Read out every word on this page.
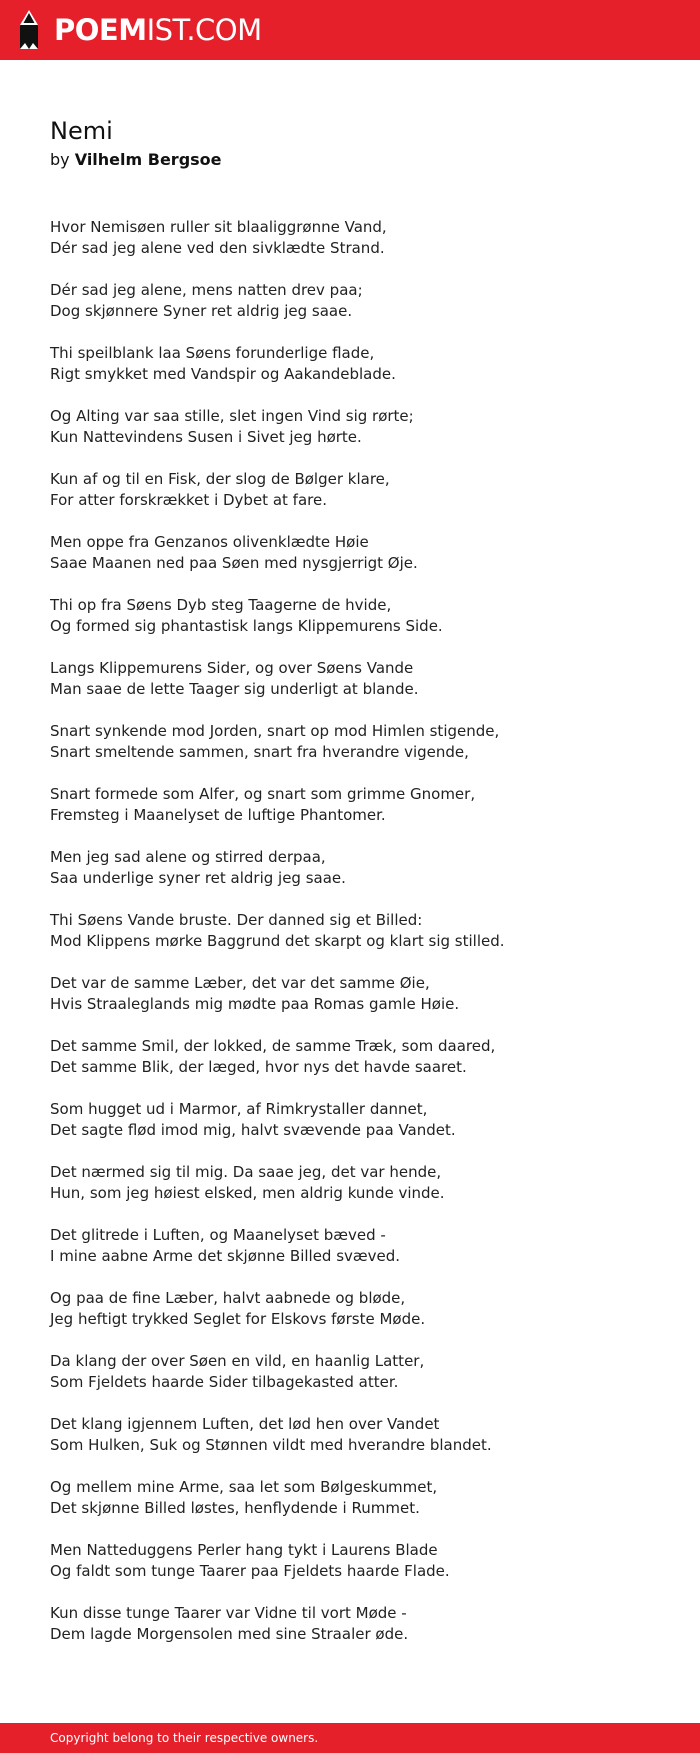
POEMIST.COM
Nemi
by Vilhelm Bergsoe
Hvor Nemisøen ruller sit blaaliggrønne Vand,
Dér sad jeg alene ved den sivklædte Strand.
Dér sad jeg alene, mens natten drev paa;
Dog skjønnere Syner ret aldrig jeg saae.
Thi speilblank laa Søens forunderlige flade,
Rigt smykket med Vandspir og Aakandeblade.
Og Alting var saa stille, slet ingen Vind sig rørte;
Kun Nattevindens Susen i Sivet jeg hørte.
Kun af og til en Fisk, der slog de Bølger klare,
For atter forskrækket i Dybet at fare.
Men oppe fra Genzanos olivenklædte Høie
Saae Maanen ned paa Søen med nysgjerrigt Øje.
Thi op fra Søens Dyb steg Taagerne de hvide,
Og formed sig phantastisk langs Klippemurens Side.
Langs Klippemurens Sider, og over Søens Vande
Man saae de lette Taager sig underligt at blande.
Snart synkende mod Jorden, snart op mod Himlen stigende,
Snart smeltende sammen, snart fra hverandre vigende,
Snart formede som Alfer, og snart som grimme Gnomer,
Fremsteg i Maanelyset de luftige Phantomer.
Men jeg sad alene og stirred derpaa,
Saa underlige syner ret aldrig jeg saae.
Thi Søens Vande bruste. Der danned sig et Billed:
Mod Klippens mørke Baggrund det skarpt og klart sig stilled.
Det var de samme Læber, det var det samme Øie,
Hvis Straaleglands mig mødte paa Romas gamle Høie.
Det samme Smil, der lokked, de samme Træk, som daared,
Det samme Blik, der læged, hvor nys det havde saaret.
Som hugget ud i Marmor, af Rimkrystaller dannet,
Det sagte flød imod mig, halvt svævende paa Vandet.
Det nærmed sig til mig. Da saae jeg, det var hende,
Hun, som jeg høiest elsked, men aldrig kunde vinde.
Det glitrede i Luften, og Maanelyset bæved -
I mine aabne Arme det skjønne Billed svæved.
Og paa de fine Læber, halvt aabnede og bløde,
Jeg heftigt trykked Seglet for Elskovs første Møde.
Da klang der over Søen en vild, en haanlig Latter,
Som Fjeldets haarde Sider tilbagekasted atter.
Det klang igjennem Luften, det lød hen over Vandet
Som Hulken, Suk og Stønnen vildt med hverandre blandet.
Og mellem mine Arme, saa let som Bølgeskummet,
Det skjønne Billed løstes, henflydende i Rummet.
Men Natteduggens Perler hang tykt i Laurens Blade
Og faldt som tunge Taarer paa Fjeldets haarde Flade.
Kun disse tunge Taarer var Vidne til vort Møde -
Dem lagde Morgensolen med sine Straaler øde.
Copyright belong to their respective owners.
